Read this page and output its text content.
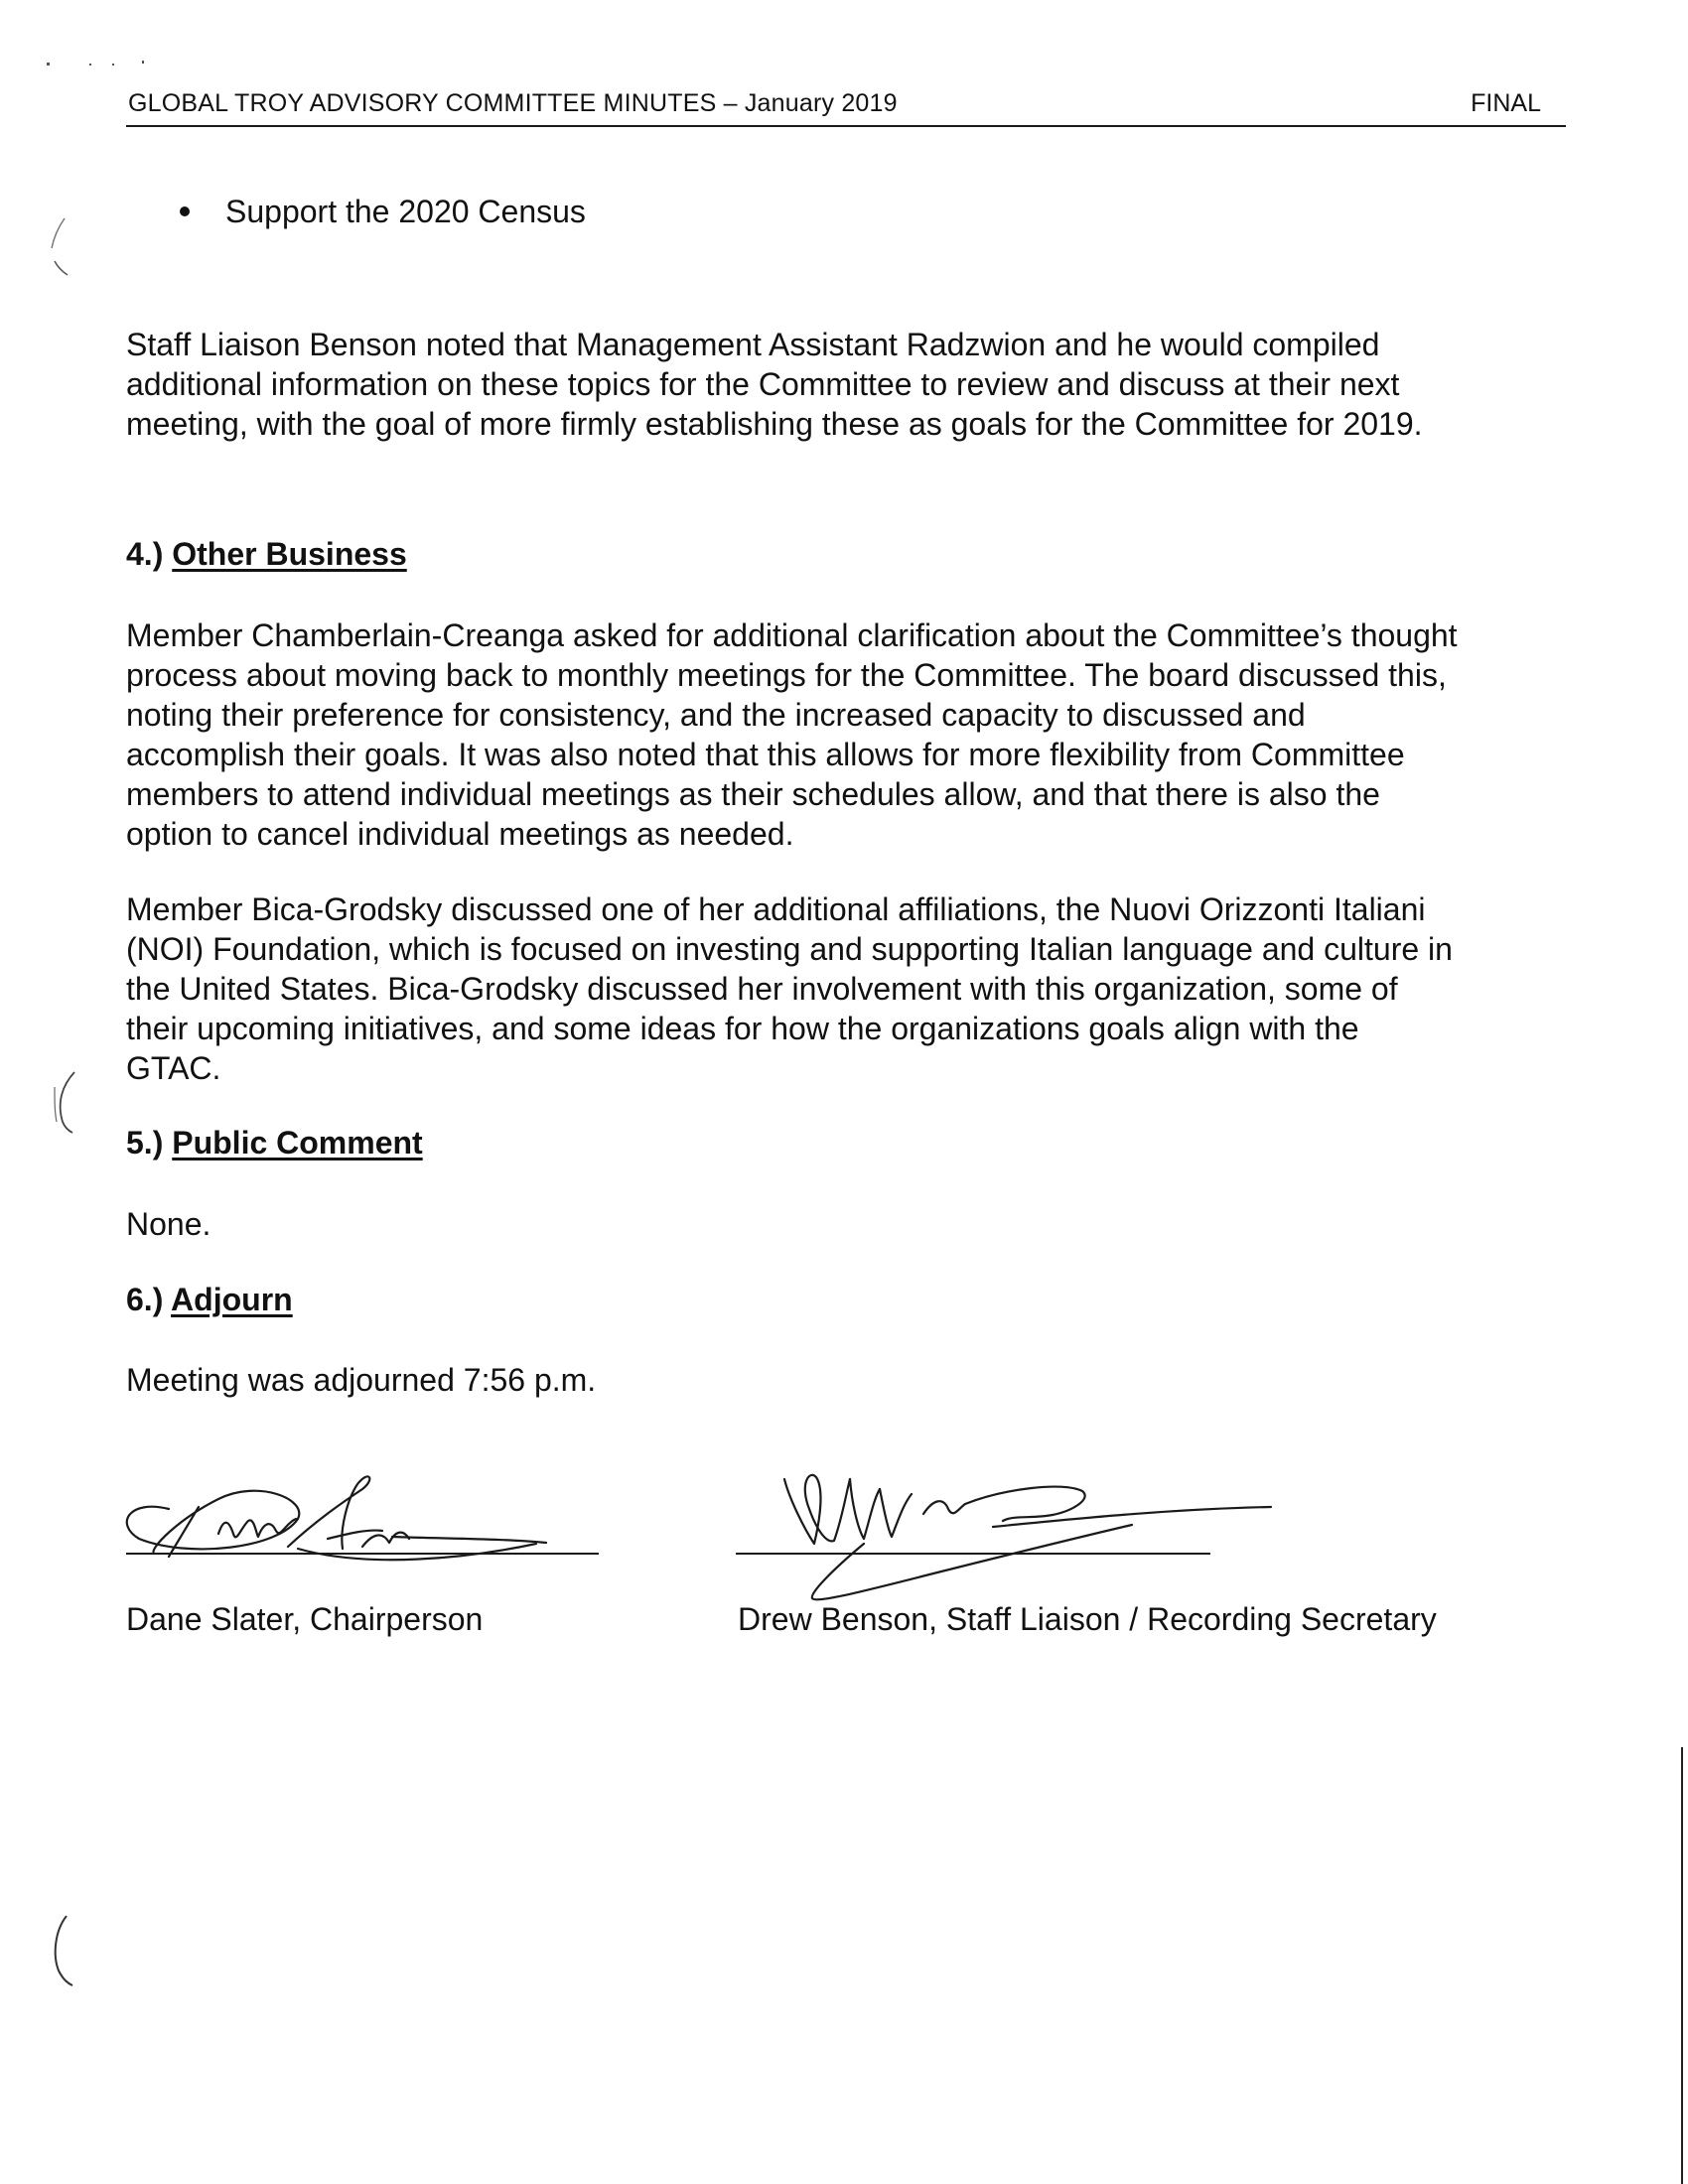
GLOBAL TROY ADVISORY COMMITTEE MINUTES – January 2019	FINAL
Support the 2020 Census
Staff Liaison Benson noted that Management Assistant Radzwion and he would compiled
additional information on these topics for the Committee to review and discuss at their next
meeting, with the goal of more firmly establishing these as goals for the Committee for 2019.
4.) Other Business
Member Chamberlain-Creanga asked for additional clarification about the Committee’s thought
process about moving back to monthly meetings for the Committee. The board discussed this,
noting their preference for consistency, and the increased capacity to discussed and
accomplish their goals. It was also noted that this allows for more flexibility from Committee
members to attend individual meetings as their schedules allow, and that there is also the
option to cancel individual meetings as needed.
Member Bica-Grodsky discussed one of her additional affiliations, the Nuovi Orizzonti Italiani
(NOI) Foundation, which is focused on investing and supporting Italian language and culture in
the United States. Bica-Grodsky discussed her involvement with this organization, some of
their upcoming initiatives, and some ideas for how the organizations goals align with the
GTAC.
5.) Public Comment
None.
6.) Adjourn
Meeting was adjourned 7:56 p.m.
Dane Slater, Chairperson	Drew Benson, Staff Liaison / Recording Secretary
